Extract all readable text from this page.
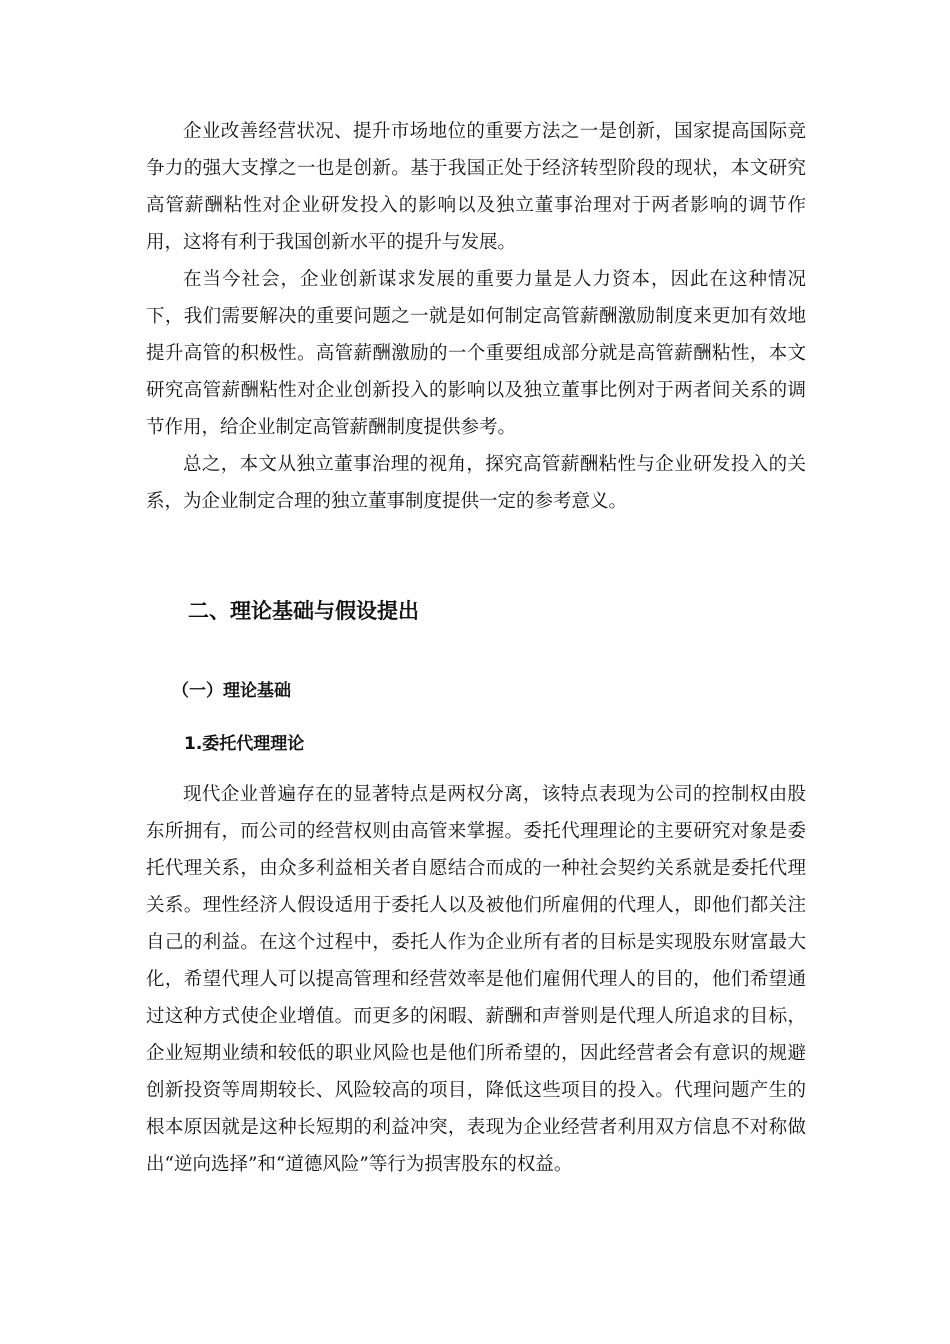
企业改善经营状况、提升市场地位的重要方法之一是创新，国家提高国际竞争力的强大支撑之一也是创新。基于我国正处于经济转型阶段的现状，本文研究高管薪酬粘性对企业研发投入的影响以及独立董事治理对于两者影响的调节作用，这将有利于我国创新水平的提升与发展。

在当今社会，企业创新谋求发展的重要力量是人力资本，因此在这种情况下，我们需要解决的重要问题之一就是如何制定高管薪酬激励制度来更加有效地提升高管的积极性。高管薪酬激励的一个重要组成部分就是高管薪酬粘性，本文研究高管薪酬粘性对企业创新投入的影响以及独立董事比例对于两者间关系的调节作用，给企业制定高管薪酬制度提供参考。

总之，本文从独立董事治理的视角，探究高管薪酬粘性与企业研发投入的关系，为企业制定合理的独立董事制度提供一定的参考意义。

二、理论基础与假设提出
（一）理论基础
1.委托代理理论

现代企业普遍存在的显著特点是两权分离，该特点表现为公司的控制权由股东所拥有，而公司的经营权则由高管来掌握。委托代理理论的主要研究对象是委托代理关系，由众多利益相关者自愿结合而成的一种社会契约关系就是委托代理关系。理性经济人假设适用于委托人以及被他们所雇佣的代理人，即他们都关注自己的利益。在这个过程中，委托人作为企业所有者的目标是实现股东财富最大化，希望代理人可以提高管理和经营效率是他们雇佣代理人的目的，他们希望通过这种方式使企业增值。而更多的闲暇、薪酬和声誉则是代理人所追求的目标，企业短期业绩和较低的职业风险也是他们所希望的，因此经营者会有意识的规避创新投资等周期较长、风险较高的项目，降低这些项目的投入。代理问题产生的根本原因就是这种长短期的利益冲突，表现为企业经营者利用双方信息不对称做出“逆向选择”和“道德风险”等行为损害股东的权益。
